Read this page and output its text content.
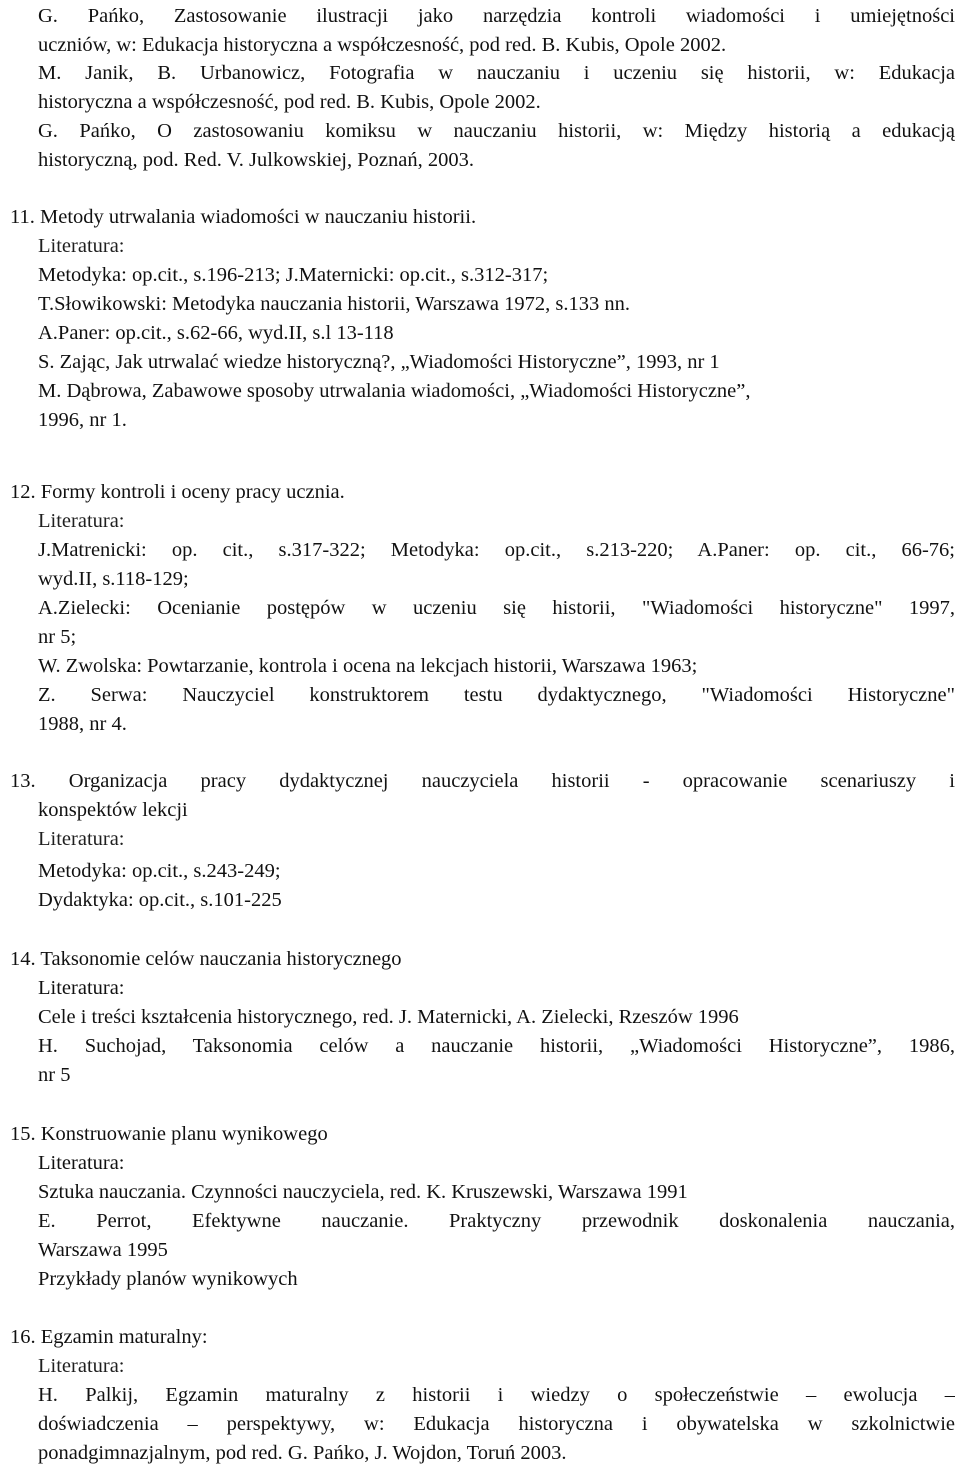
G. Pańko, Zastosowanie ilustracji jako narzędzia kontroli wiadomości i umiejętności
uczniów, w: Edukacja historyczna a współczesność, pod red. B. Kubis, Opole 2002.
M. Janik, B. Urbanowicz, Fotografia w nauczaniu i uczeniu się historii, w: Edukacja
historyczna a współczesność, pod red. B. Kubis, Opole 2002.
G. Pańko, O zastosowaniu komiksu w nauczaniu historii, w: Między historią a edukacją
historyczną, pod. Red. V. Julkowskiej, Poznań, 2003.
11. Metody utrwalania wiadomości w nauczaniu historii.
Literatura:
Metodyka: op.cit., s.196-213; J.Maternicki: op.cit., s.312-317;
T.Słowikowski: Metodyka nauczania historii, Warszawa 1972, s.133 nn.
A.Paner: op.cit., s.62-66, wyd.II, s.l 13-118
S. Zając, Jak utrwalać wiedze historyczną?, „Wiadomości Historyczne”, 1993, nr 1
M. Dąbrowa, Zabawowe sposoby utrwalania wiadomości, „Wiadomości Historyczne”,
1996, nr 1.
12. Formy kontroli i oceny pracy ucznia.
Literatura:
J.Matrenicki: op. cit., s.317-322; Metodyka: op.cit., s.213-220; A.Paner: op. cit., 66-76;
wyd.II, s.118-129;
A.Zielecki: Ocenianie postępów w uczeniu się historii, "Wiadomości historyczne" 1997,
nr 5;
W. Zwolska: Powtarzanie, kontrola i ocena na lekcjach historii, Warszawa 1963;
Z. Serwa: Nauczyciel konstruktorem testu dydaktycznego, "Wiadomości Historyczne"
1988, nr 4.
13. Organizacja pracy dydaktycznej nauczyciela historii - opracowanie scenariuszy i
konspektów lekcji
Literatura:
Metodyka: op.cit., s.243-249;
Dydaktyka: op.cit., s.101-225
14. Taksonomie celów nauczania historycznego
Literatura:
Cele i treści kształcenia historycznego, red. J. Maternicki, A. Zielecki, Rzeszów 1996
H. Suchojad, Taksonomia celów a nauczanie historii, „Wiadomości Historyczne”, 1986,
nr 5
15. Konstruowanie planu wynikowego
Literatura:
Sztuka nauczania. Czynności nauczyciela, red. K. Kruszewski, Warszawa 1991
E. Perrot, Efektywne nauczanie. Praktyczny przewodnik doskonalenia nauczania,
Warszawa 1995
Przykłady planów wynikowych
16. Egzamin maturalny:
Literatura:
H. Palkij, Egzamin maturalny z historii i wiedzy o społeczeństwie – ewolucja –
doświadczenia – perspektywy, w: Edukacja historyczna i obywatelska w szkolnictwie
ponadgimnazjalnym, pod red. G. Pańko, J. Wojdon, Toruń 2003.
